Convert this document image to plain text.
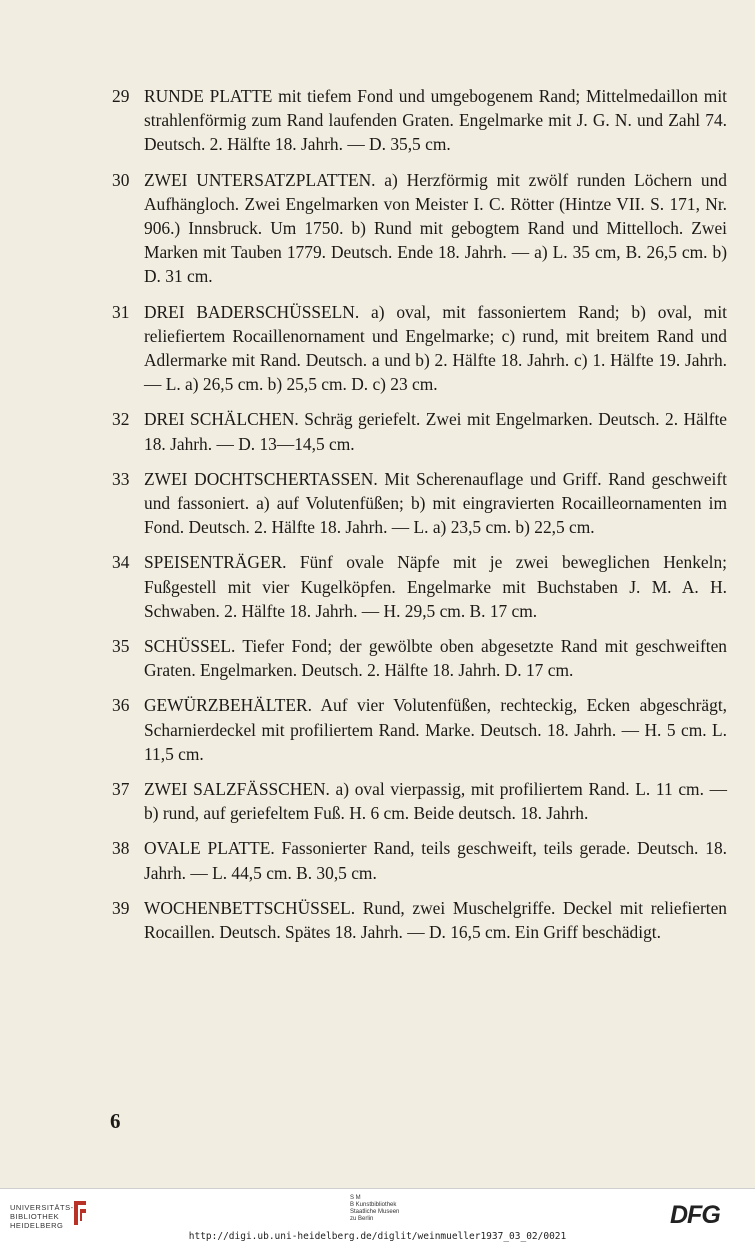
29 RUNDE PLATTE mit tiefem Fond und umgebogenem Rand; Mittelmedaillon mit strahlenförmig zum Rand laufenden Graten. Engelmarke mit J. G. N. und Zahl 74. Deutsch. 2. Hälfte 18. Jahrh. — D. 35,5 cm.
30 ZWEI UNTERSATZPLATTEN. a) Herzförmig mit zwölf runden Löchern und Aufhängloch. Zwei Engelmarken von Meister I. C. Rötter (Hintze VII. S. 171, Nr. 906.) Innsbruck. Um 1750. b) Rund mit gebogtem Rand und Mittelloch. Zwei Marken mit Tauben 1779. Deutsch. Ende 18. Jahrh. — a) L. 35 cm, B. 26,5 cm. b) D. 31 cm.
31 DREI BADERSCHÜSSELN. a) oval, mit fassoniertem Rand; b) oval, mit reliefiertem Rocaillenornament und Engelmarke; c) rund, mit breitem Rand und Adlermarke mit Rand. Deutsch. a und b) 2. Hälfte 18. Jahrh. c) 1. Hälfte 19. Jahrh. — L. a) 26,5 cm. b) 25,5 cm. D. c) 23 cm.
32 DREI SCHÄLCHEN. Schräg geriefelt. Zwei mit Engelmarken. Deutsch. 2. Hälfte 18. Jahrh. — D. 13—14,5 cm.
33 ZWEI DOCHTSCHERTASSEN. Mit Scherenauflage und Griff. Rand geschweift und fassoniert. a) auf Volutenfüßen; b) mit eingravierten Rocailleornamenten im Fond. Deutsch. 2. Hälfte 18. Jahrh. — L. a) 23,5 cm. b) 22,5 cm.
34 SPEISENTRÄGER. Fünf ovale Näpfe mit je zwei beweglichen Henkeln; Fußgestell mit vier Kugelköpfen. Engelmarke mit Buchstaben J. M. A. H. Schwaben. 2. Hälfte 18. Jahrh. — H. 29,5 cm. B. 17 cm.
35 SCHÜSSEL. Tiefer Fond; der gewölbte oben abgesetzte Rand mit geschweiften Graten. Engelmarken. Deutsch. 2. Hälfte 18. Jahrh. D. 17 cm.
36 GEWÜRZBEHÄLTER. Auf vier Volutenfüßen, rechteckig, Ecken abgeschrägt, Scharnierdeckel mit profiliertem Rand. Marke. Deutsch. 18. Jahrh. — H. 5 cm. L. 11,5 cm.
37 ZWEI SALZFÄSSCHEN. a) oval vierpassig, mit profiliertem Rand. L. 11 cm. — b) rund, auf geriefeltem Fuß. H. 6 cm. Beide deutsch. 18. Jahrh.
38 OVALE PLATTE. Fassonierter Rand, teils geschweift, teils gerade. Deutsch. 18. Jahrh. — L. 44,5 cm. B. 30,5 cm.
39 WOCHENBETTSCHÜSSEL. Rund, zwei Muschelgriffe. Deckel mit reliefierten Rocaillen. Deutsch. Spätes 18. Jahrh. — D. 16,5 cm. Ein Griff beschädigt.
6
UNIVERSITÄTS-
BIBLIOTHEK
HEIDELBERG
S M
B Kunstbibliothek
Staatliche Museen
zu Berlin	DFG
http://digi.ub.uni-heidelberg.de/diglit/weinmueller1937_03_02/0021
